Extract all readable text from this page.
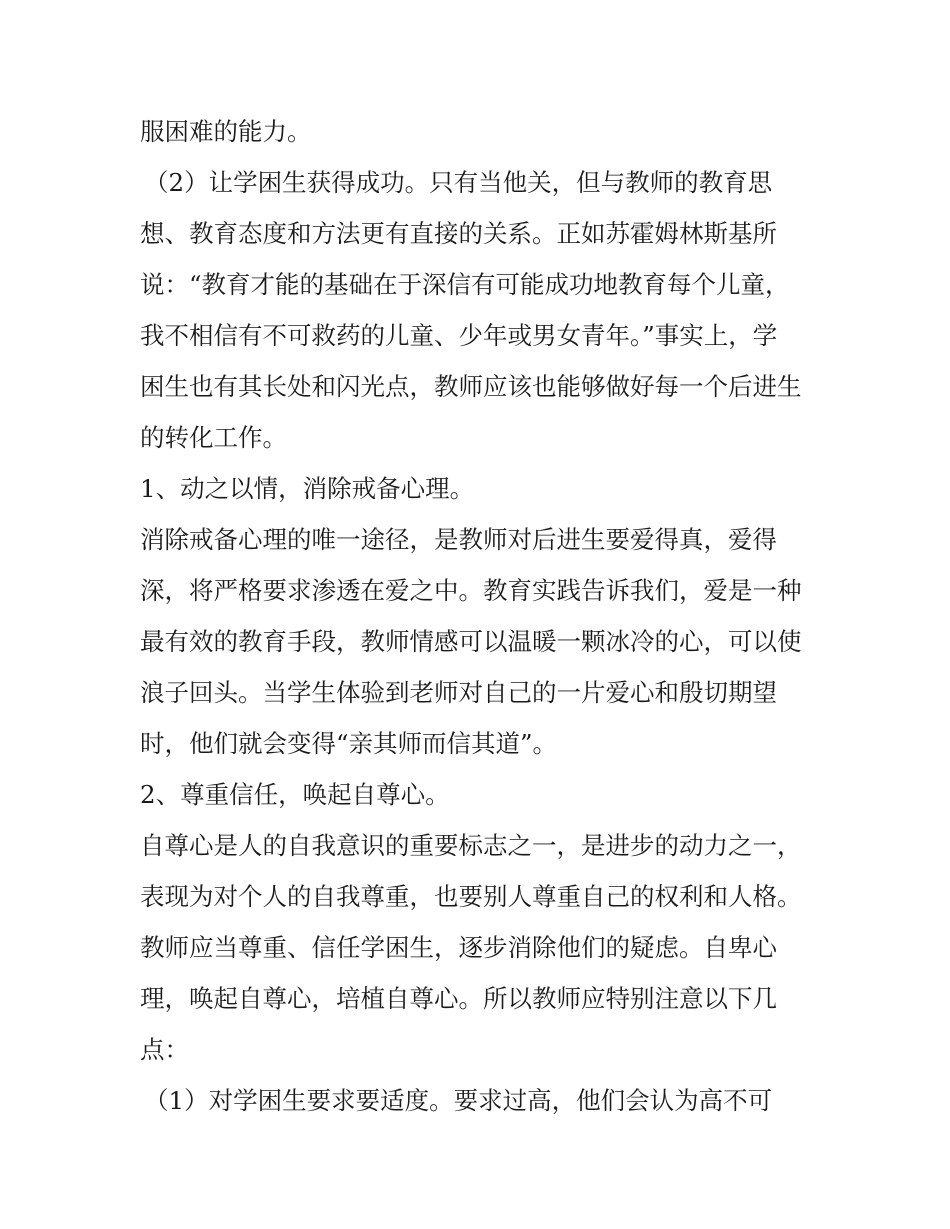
服困难的能力。
（2）让学困生获得成功。只有当他关，但与教师的教育思
想、教育态度和方法更有直接的关系。正如苏霍姆林斯基所
说：“教育才能的基础在于深信有可能成功地教育每个儿童，
我不相信有不可救药的儿童、少年或男女青年。”事实上，学
困生也有其长处和闪光点，教师应该也能够做好每一个后进生
的转化工作。
1、动之以情，消除戒备心理。
消除戒备心理的唯一途径，是教师对后进生要爱得真，爱得
深，将严格要求渗透在爱之中。教育实践告诉我们，爱是一种
最有效的教育手段，教师情感可以温暖一颗冰冷的心，可以使
浪子回头。当学生体验到老师对自己的一片爱心和殷切期望
时，他们就会变得“亲其师而信其道”。
2、尊重信任，唤起自尊心。
自尊心是人的自我意识的重要标志之一，是进步的动力之一，
表现为对个人的自我尊重，也要别人尊重自己的权利和人格。
教师应当尊重、信任学困生，逐步消除他们的疑虑。自卑心
理，唤起自尊心，培植自尊心。所以教师应特别注意以下几
点：
（1）对学困生要求要适度。要求过高，他们会认为高不可
